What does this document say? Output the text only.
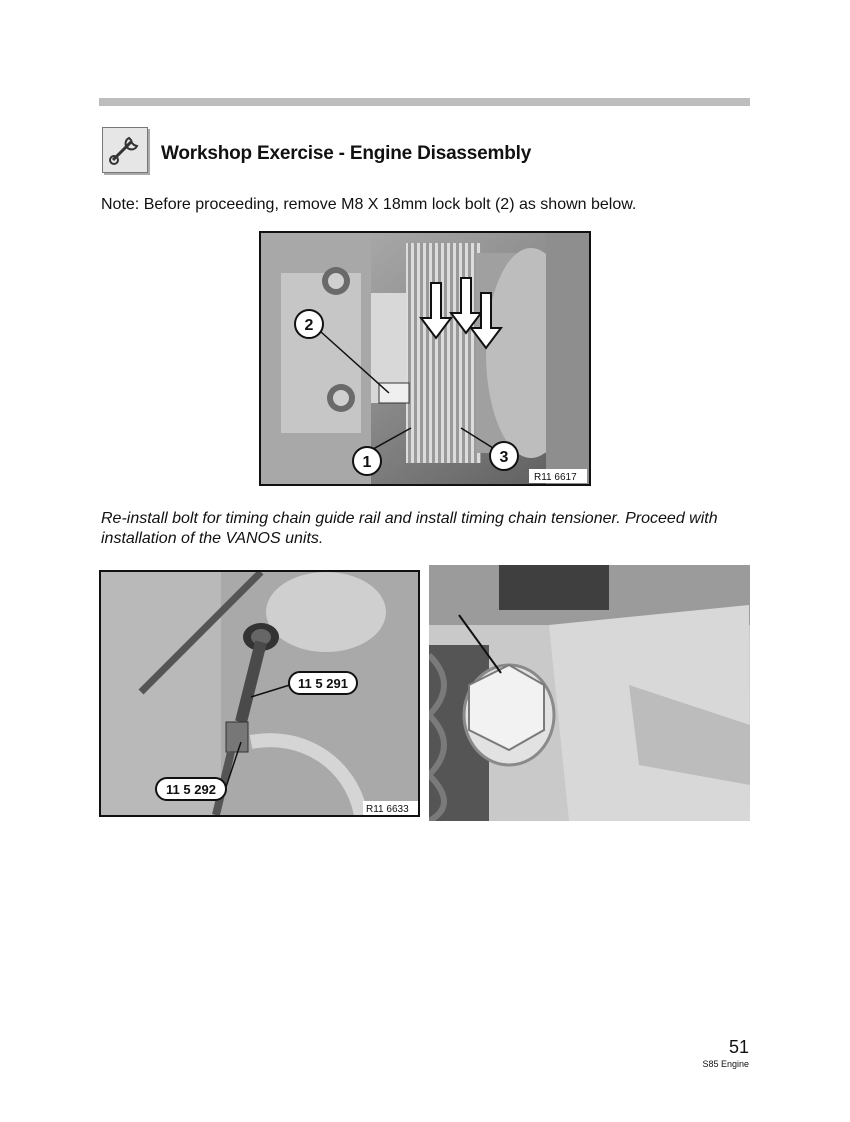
Workshop Exercise - Engine Disassembly
Note: Before proceeding, remove M8 X 18mm lock bolt (2) as shown below.
2
1	3
R11 6617
Re-install bolt for timing chain guide rail and install timing chain tensioner. Proceed with installation of the VANOS units.
11 5 291
11 5 292
R11 6633
51
S85 Engine
